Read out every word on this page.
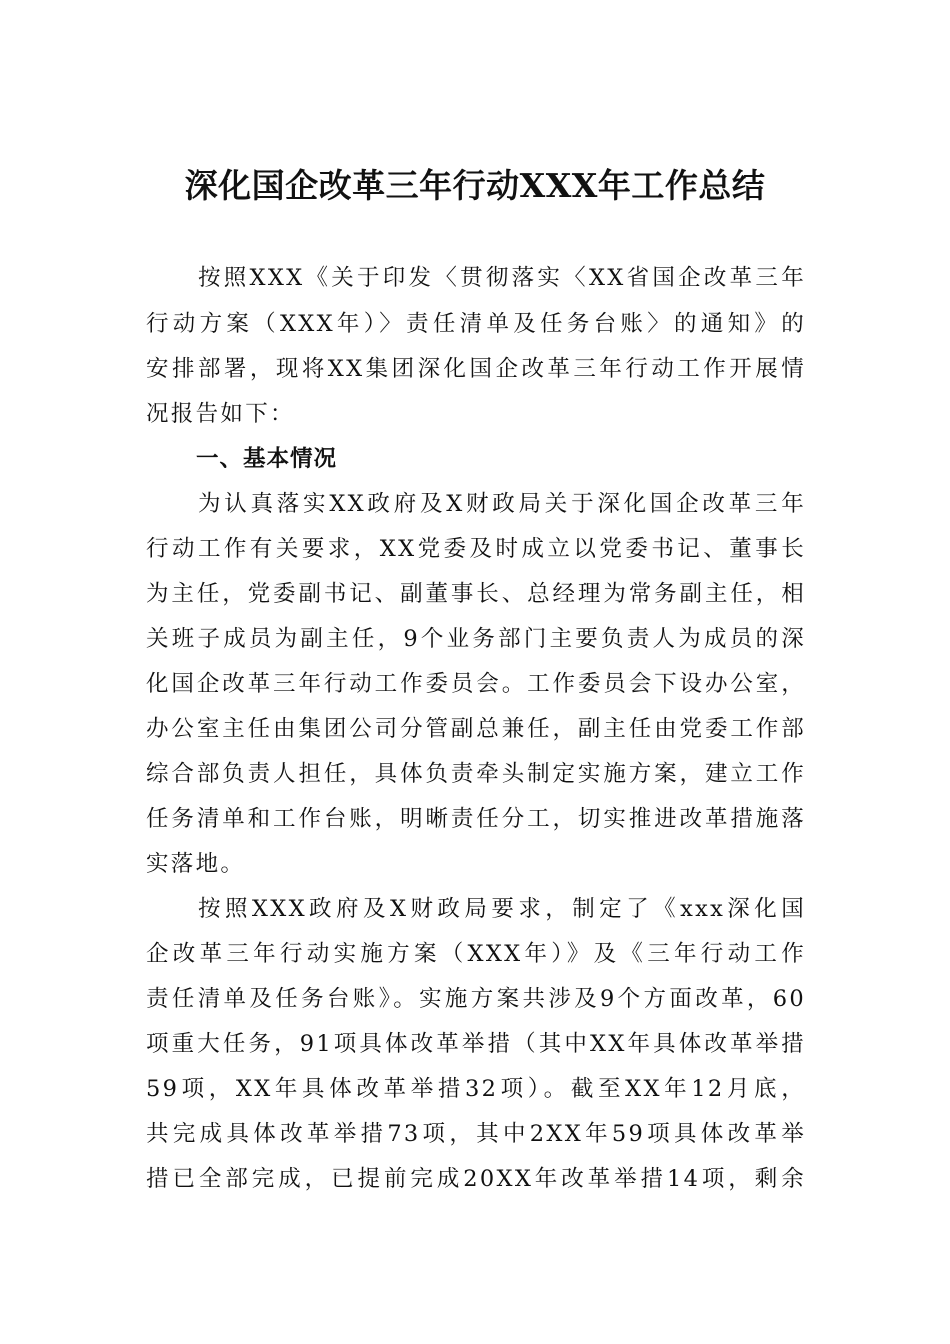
深化国企改革三年行动XXX年工作总结
按照XXX《关于印发〈贯彻落实〈XX省国企改革三年
行动方案（XXX年）〉责任清单及任务台账〉的通知》的
安排部署，现将XX集团深化国企改革三年行动工作开展情
况报告如下：
一、基本情况
为认真落实XX政府及X财政局关于深化国企改革三年
行动工作有关要求，XX党委及时成立以党委书记、董事长
为主任，党委副书记、副董事长、总经理为常务副主任，相
关班子成员为副主任，9个业务部门主要负责人为成员的深
化国企改革三年行动工作委员会。工作委员会下设办公室，
办公室主任由集团公司分管副总兼任，副主任由党委工作部
综合部负责人担任，具体负责牵头制定实施方案，建立工作
任务清单和工作台账，明晰责任分工，切实推进改革措施落
实落地。
按照XXX政府及X财政局要求，制定了《xxx深化国
企改革三年行动实施方案（XXX年）》及《三年行动工作
责任清单及任务台账》。实施方案共涉及9个方面改革，60
项重大任务，91项具体改革举措（其中XX年具体改革举措
59项，XX年具体改革举措32项）。截至XX年12月底，
共完成具体改革举措73项，其中2XX年59项具体改革举
措已全部完成，已提前完成20XX年改革举措14项，剩余
